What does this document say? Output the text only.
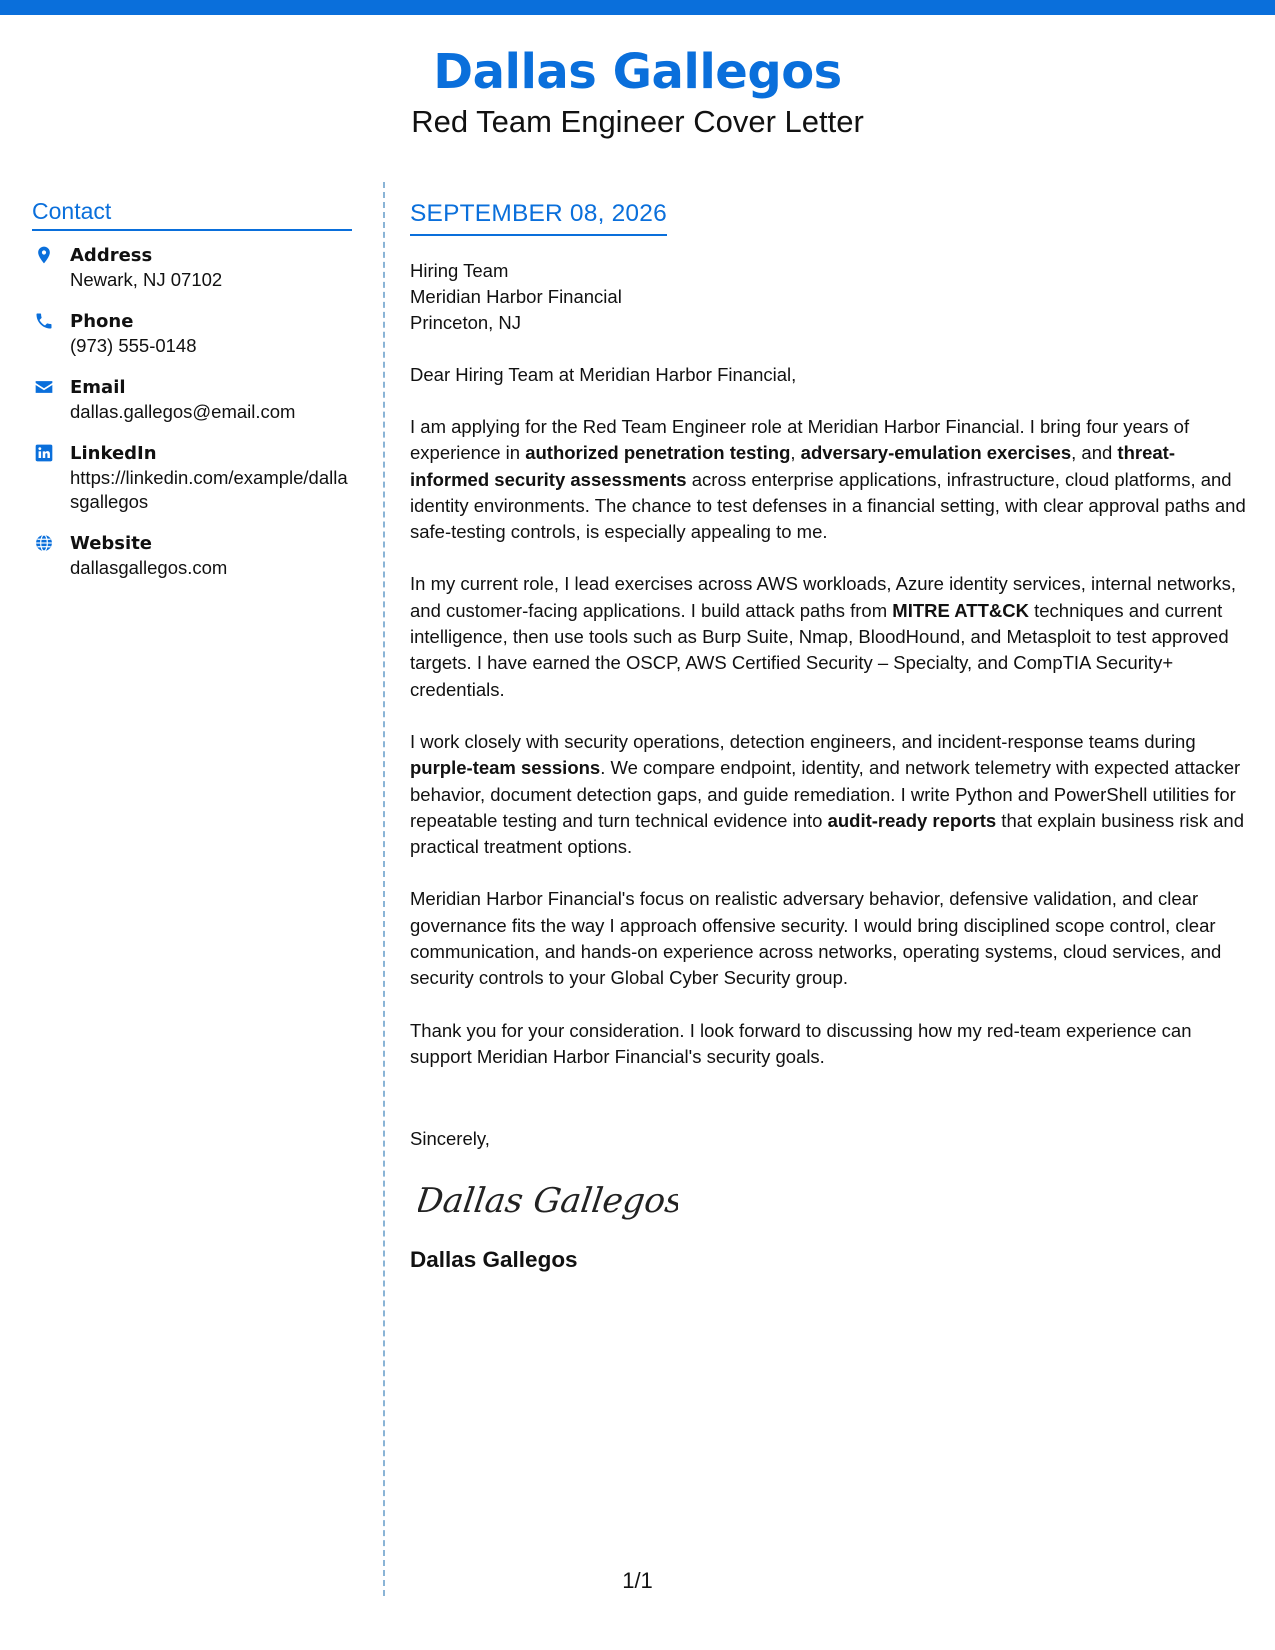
Dallas Gallegos
Red Team Engineer Cover Letter
Contact
Address
Newark, NJ 07102
Phone
(973) 555-0148
Email
dallas.gallegos@email.com
LinkedIn
https://linkedin.com/example/dallasgallegos
Website
dallasgallegos.com
SEPTEMBER 08, 2026
Hiring Team
Meridian Harbor Financial
Princeton, NJ
Dear Hiring Team at Meridian Harbor Financial,

I am applying for the Red Team Engineer role at Meridian Harbor Financial. I bring four years of experience in authorized penetration testing, adversary-emulation exercises, and threat-informed security assessments across enterprise applications, infrastructure, cloud platforms, and identity environments. The chance to test defenses in a financial setting, with clear approval paths and safe-testing controls, is especially appealing to me.

In my current role, I lead exercises across AWS workloads, Azure identity services, internal networks, and customer-facing applications. I build attack paths from MITRE ATT&CK techniques and current intelligence, then use tools such as Burp Suite, Nmap, BloodHound, and Metasploit to test approved targets. I have earned the OSCP, AWS Certified Security – Specialty, and CompTIA Security+ credentials.

I work closely with security operations, detection engineers, and incident-response teams during purple-team sessions. We compare endpoint, identity, and network telemetry with expected attacker behavior, document detection gaps, and guide remediation. I write Python and PowerShell utilities for repeatable testing and turn technical evidence into audit-ready reports that explain business risk and practical treatment options.

Meridian Harbor Financial's focus on realistic adversary behavior, defensive validation, and clear governance fits the way I approach offensive security. I would bring disciplined scope control, clear communication, and hands-on experience across networks, operating systems, cloud services, and security controls to your Global Cyber Security group.

Thank you for your consideration. I look forward to discussing how my red-team experience can support Meridian Harbor Financial's security goals.

Sincerely,
Dallas Gallegos
Dallas Gallegos
1/1
